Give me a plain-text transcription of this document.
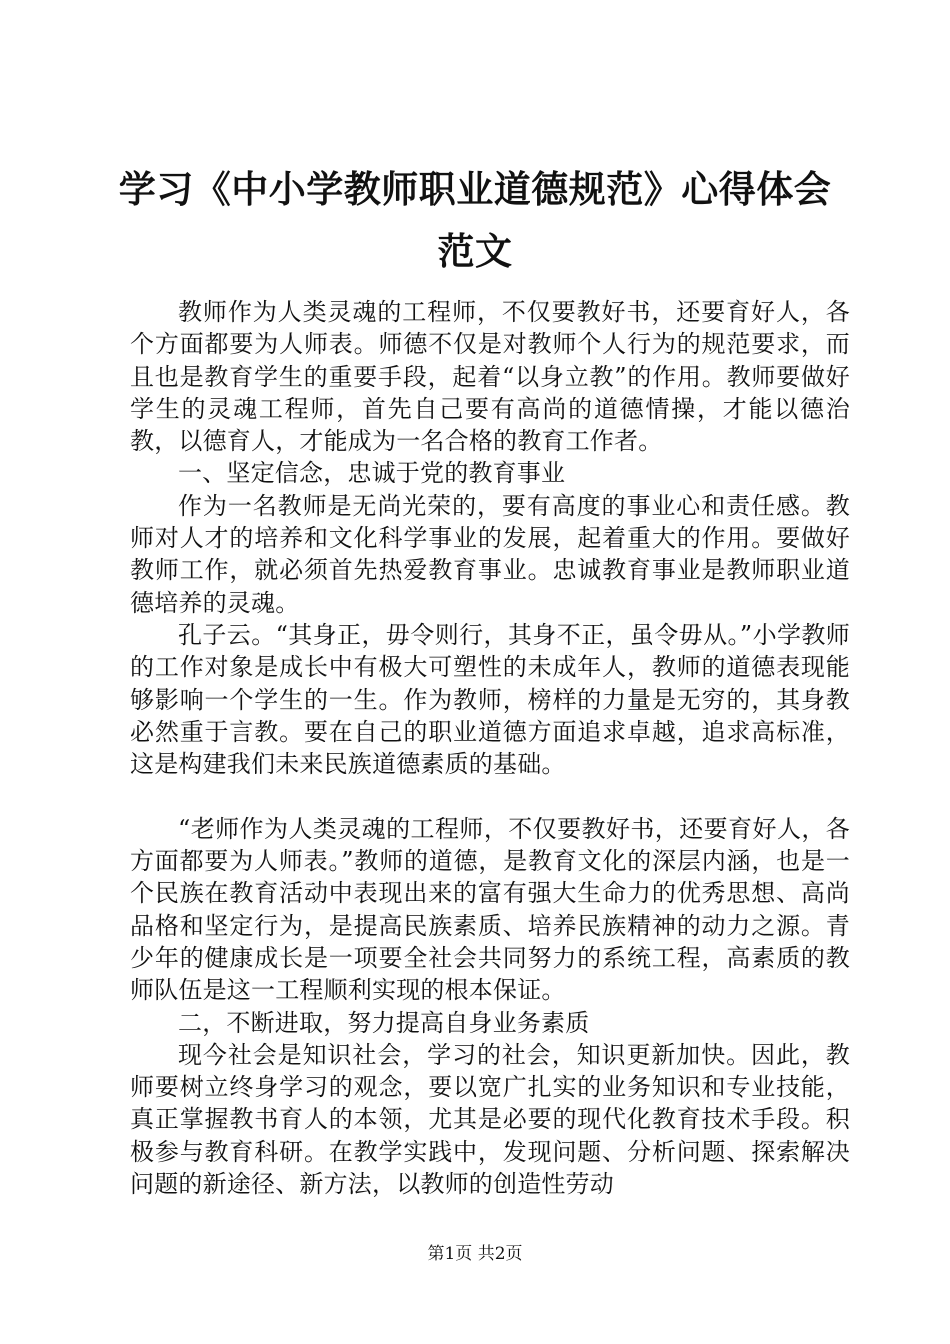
学习《中小学教师职业道德规范》心得体会范文

教师作为人类灵魂的工程师，不仅要教好书，还要育好人，各个方面都要为人师表。师德不仅是对教师个人行为的规范要求，而且也是教育学生的重要手段，起着“以身立教”的作用。教师要做好学生的灵魂工程师，首先自己要有高尚的道德情操，才能以德治教，以德育人，才能成为一名合格的教育工作者。

一、坚定信念，忠诚于党的教育事业

作为一名教师是无尚光荣的，要有高度的事业心和责任感。教师对人才的培养和文化科学事业的发展，起着重大的作用。要做好教师工作，就必须首先热爱教育事业。忠诚教育事业是教师职业道德培养的灵魂。

孔子云。“其身正，毋令则行，其身不正，虽令毋从。”小学教师的工作对象是成长中有极大可塑性的未成年人，教师的道德表现能够影响一个学生的一生。作为教师，榜样的力量是无穷的，其身教必然重于言教。要在自己的职业道德方面追求卓越，追求高标准，这是构建我们未来民族道德素质的基础。

“老师作为人类灵魂的工程师，不仅要教好书，还要育好人，各方面都要为人师表。”教师的道德，是教育文化的深层内涵，也是一个民族在教育活动中表现出来的富有强大生命力的优秀思想、高尚品格和坚定行为，是提高民族素质、培养民族精神的动力之源。青少年的健康成长是一项要全社会共同努力的系统工程，高素质的教师队伍是这一工程顺利实现的根本保证。

二，不断进取，努力提高自身业务素质

现今社会是知识社会，学习的社会，知识更新加快。因此，教师要树立终身学习的观念，要以宽广扎实的业务知识和专业技能，真正掌握教书育人的本领，尤其是必要的现代化教育技术手段。积极参与教育科研。在教学实践中，发现问题、分析问题、探索解决问题的新途径、新方法，以教师的创造性劳动

第1页 共2页
